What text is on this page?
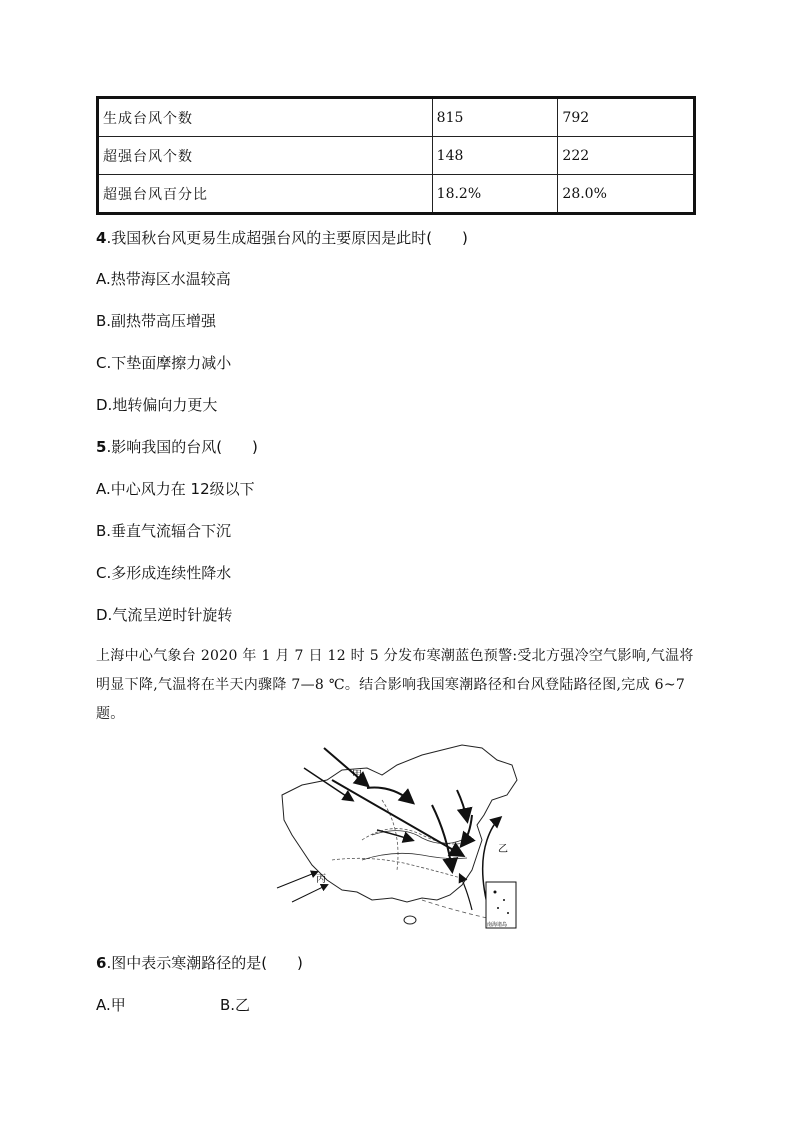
生成台风个数	815	792
超强台风个数	148	222
超强台风百分比	18.2%	28.0%
4.我国秋台风更易生成超强台风的主要原因是此时(　　)
A.热带海区水温较高
B.副热带高压增强
C.下垫面摩擦力减小
D.地转偏向力更大
5.影响我国的台风(　　)
A.中心风力在 12级以下
B.垂直气流辐合下沉
C.多形成连续性降水
D.气流呈逆时针旋转
上海中心气象台 2020 年 1 月 7 日 12 时 5 分发布寒潮蓝色预警:受北方强冷空气影响,气温将明显下降,气温将在半天内骤降 7—8 ℃。结合影响我国寒潮路径和台风登陆路径图,完成 6~7 题。
甲
乙
丙
南海诸岛
6.图中表示寒潮路径的是(　　)
A.甲	B.乙
